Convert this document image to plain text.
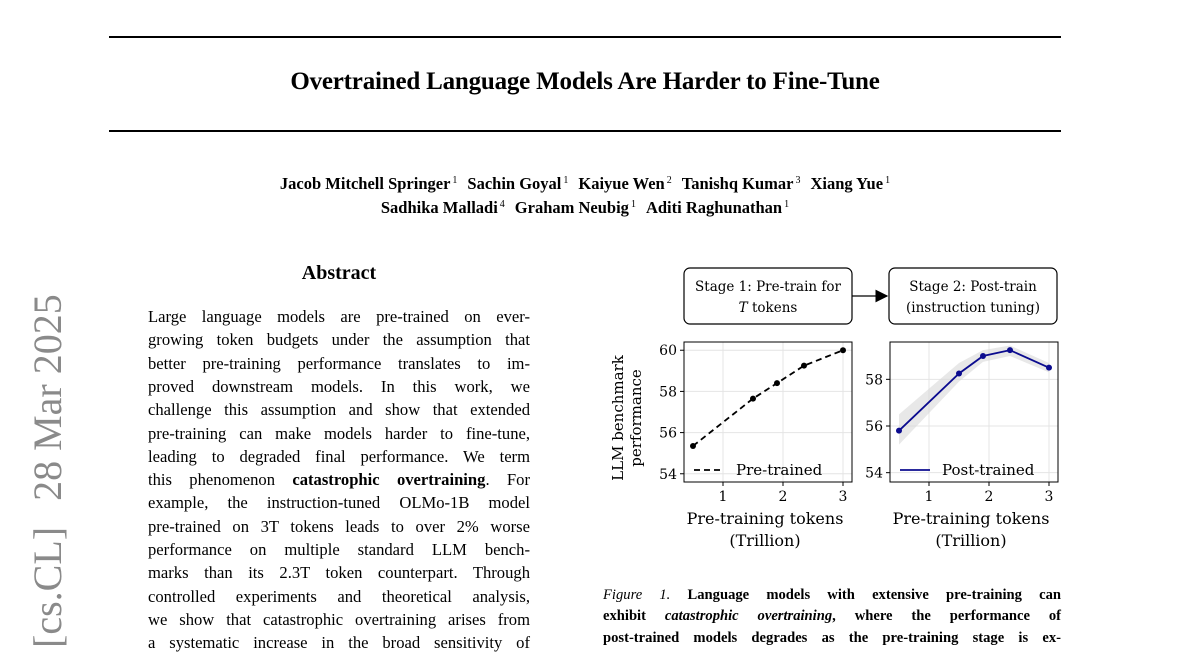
Overtrained Language Models Are Harder to Fine-Tune
Jacob Mitchell Springer $^1$ Sachin Goyal $^1$ Kaiyue Wen $^2$ Tanishq Kumar $^3$ Xiang Yue $^1$
Sadhika Malladi $^4$ Graham Neubig $^1$ Aditi Raghunathan $^1$
[cs.CL]28 Mar 2025
Abstract
Large language models are pre-trained on ever-
growing token budgets under the assumption that
better pre-training performance translates to im-
proved downstream models. In this work, we
challenge this assumption and show that extended
pre-training can make models harder to fine-tune,
leading to degraded final performance. We term
this phenomenon catastrophic overtraining. For
example, the instruction-tuned OLMo-1B model
pre-trained on 3T tokens leads to over 2% worse
performance on multiple standard LLM bench-
marks than its 2.3T token counterpart. Through
controlled experiments and theoretical analysis,
we show that catastrophic overtraining arises from
a systematic increase in the broad sensitivity of
Stage 1: Pre-train for
T tokens
Stage 2: Post-train
(instruction tuning)
LLM benchmark performance
1	2	3
54
56
58
60
Pre-trained
1	2	3
54
56
58
Post-trained
Pre-training tokens
(Trillion)
Pre-training tokens
(Trillion)
Figure 1. Language models with extensive pre-training can
exhibit catastrophic overtraining, where the performance of
post-trained models degrades as the pre-training stage is ex-
